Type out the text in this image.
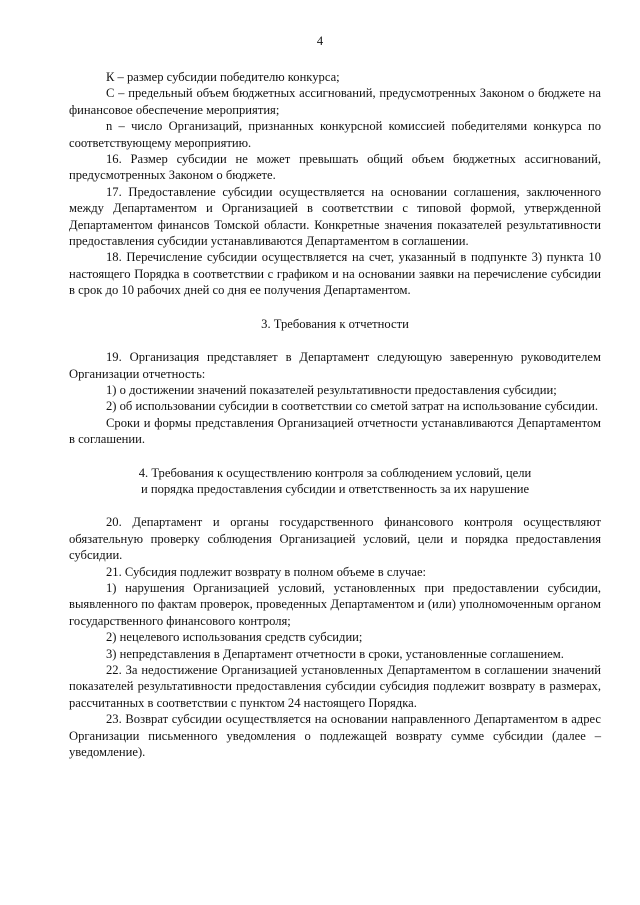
4

К – размер субсидии победителю конкурса;

С – предельный объем бюджетных ассигнований, предусмотренных Законом о бюджете на финансовое обеспечение мероприятия;

n – число Организаций, признанных конкурсной комиссией победителями конкурса по соответствующему мероприятию.

16. Размер субсидии не может превышать общий объем бюджетных ассигнований, предусмотренных Законом о бюджете.

17. Предоставление субсидии осуществляется на основании соглашения, заключенного между Департаментом и Организацией в соответствии с типовой формой, утвержденной Департаментом финансов Томской области. Конкретные значения показателей результативности предоставления субсидии устанавливаются Департаментом в соглашении.

18. Перечисление субсидии осуществляется на счет, указанный в подпункте 3) пункта 10 настоящего Порядка в соответствии с графиком и на основании заявки на перечисление субсидии в срок до 10 рабочих дней со дня ее получения Департаментом.

3. Требования к отчетности

19. Организация представляет в Департамент следующую заверенную руководителем Организации отчетность:

1) о достижении значений показателей результативности предоставления субсидии;

2) об использовании субсидии в соответствии со сметой затрат на использование субсидии.

Сроки и формы представления Организацией отчетности устанавливаются Департаментом в соглашении.

4. Требования к осуществлению контроля за соблюдением условий, цели

и порядка предоставления субсидии и ответственность за их нарушение

20. Департамент и органы государственного финансового контроля осуществляют обязательную проверку соблюдения Организацией условий, цели и порядка предоставления субсидии.

21. Субсидия подлежит возврату в полном объеме в случае:

1) нарушения Организацией условий, установленных при предоставлении субсидии, выявленного по фактам проверок, проведенных Департаментом и (или) уполномоченным органом государственного финансового контроля;

2) нецелевого использования средств субсидии;

3) непредставления в Департамент отчетности в сроки, установленные соглашением.

22. За недостижение Организацией установленных Департаментом в соглашении значений показателей результативности предоставления субсидии субсидия подлежит возврату в размерах, рассчитанных в соответствии с пунктом 24 настоящего Порядка.

23. Возврат субсидии осуществляется на основании направленного Департаментом в адрес Организации письменного уведомления о подлежащей возврату сумме субсидии (далее – уведомление).
